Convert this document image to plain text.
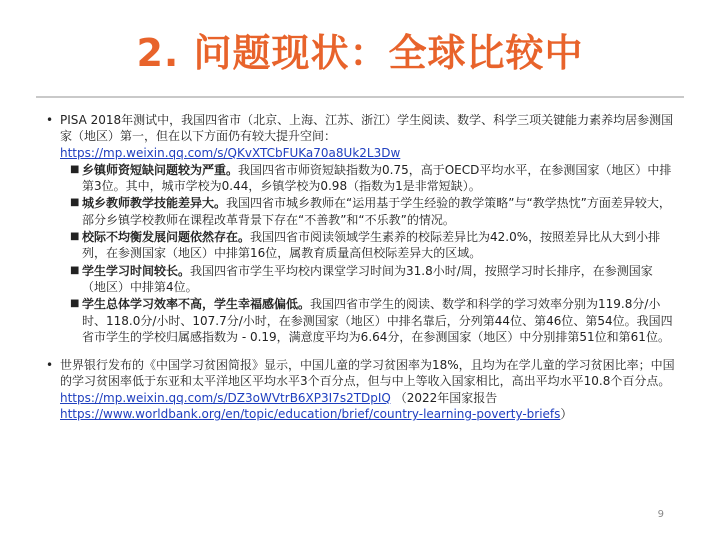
2. 问题现状：全球比较中
• PISA 2018年测试中，我国四省市（北京、上海、江苏、浙江）学生阅读、数学、科学三项关键能力素养均居参测国家（地区）第一，但在以下方面仍有较大提升空间：
https://mp.weixin.qq.com/s/QKvXTCbFUKa70a8Uk2L3Dw
■ 乡镇师资短缺问题较为严重。我国四省市师资短缺指数为0.75，高于OECD平均水平，在参测国家（地区）中排第3位。其中，城市学校为0.44，乡镇学校为0.98（指数为1是非常短缺）。
■ 城乡教师教学技能差异大。我国四省市城乡教师在“运用基于学生经验的教学策略”与“教学热忱”方面差异较大，部分乡镇学校教师在课程改革背景下存在“不善教”和“不乐教”的情况。
■ 校际不均衡发展问题依然存在。我国四省市阅读领域学生素养的校际差异比为42.0%，按照差异比从大到小排列，在参测国家（地区）中排第16位，属教育质量高但校际差异大的区域。
■ 学生学习时间较长。我国四省市学生平均校内课堂学习时间为31.8小时/周，按照学习时长排序，在参测国家（地区）中排第4位。
■ 学生总体学习效率不高，学生幸福感偏低。我国四省市学生的阅读、数学和科学的学习效率分别为119.8分/小时、118.0分/小时、107.7分/小时，在参测国家（地区）中排名靠后，分列第44位、第46位、第54位。我国四省市学生的学校归属感指数为 - 0.19，满意度平均为6.64分，在参测国家（地区）中分别排第51位和第61位。
• 世界银行发布的《中国学习贫困简报》显示，中国儿童的学习贫困率为18%，且均为在学儿童的学习贫困比率；中国的学习贫困率低于东亚和太平洋地区平均水平3个百分点，但与中上等收入国家相比，高出平均水平10.8个百分点。
https://mp.weixin.qq.com/s/DZ3oWVtrB6XP3I7s2TDpIQ （2022年国家报告
https://www.worldbank.org/en/topic/education/brief/country-learning-poverty-briefs）
9
